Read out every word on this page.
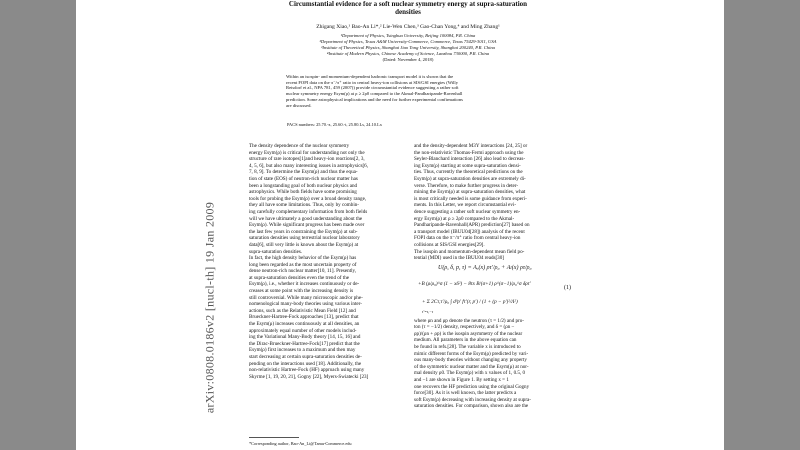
arXiv:0808.0186v2 [nucl-th] 19 Jan 2009
Circumstantial evidence for a soft nuclear symmetry energy at supra-saturation
densities
Zhigang Xiao,¹ Bao-An Li*,² Lie-Wen Chen,³ Gao-Chan Yong,⁴ and Ming Zhang¹
¹Department of Physics, Tsinghua University, Beijing 100084, P.R. China
²Department of Physics, Texas A&M University-Commerce, Commerce, Texas 75429-3011, USA
³Institute of Theoretical Physics, Shanghai Jiao Tong University, Shanghai 200240, P.R. China
⁴Institute of Modern Physics, Chinese Academy of Science, Lanzhou 730000, P.R. China
(Dated: November 4, 2018)
Within an isospin- and momentum-dependent hadronic transport model it is shown that the
recent FOPI data on the π⁻/π⁺ ratio in central heavy-ion collisions at SIS/GSI energies (Willy
Reisdorf et al., NPA 781, 459 (2007)) provide circumstantial evidence suggesting a rather soft
nuclear symmetry energy Esym(ρ) at ρ ≥ 2ρ0 compared to the Akmal-Pandharipande-Ravenhall
prediction. Some astrophysical implications and the need for further experimental confirmations
are discussed.
PACS numbers: 25.70.-z, 25.60.-t, 25.80.Ls, 24.10.Lx
The density dependence of the nuclear symmetry
energy Esym(ρ) is critical for understanding not only the
structure of rare isotopes[1]and heavy-ion reactions[2, 3,
4, 5, 6], but also many interesting issues in astrophysics[6,
7, 8, 9]. To determine the Esym(ρ) and thus the equa-
tion of state (EOS) of neutron-rich nuclear matter has
been a longstanding goal of both nuclear physics and
astrophysics. While both fields have some promising
tools for probing the Esym(ρ) over a broad density range,
they all have some limitations. Thus, only by combin-
ing carefully complementary information from both fields
will we have ultimately a good understanding about the
Esym(ρ). While significant progress has been made over
the last few years in constraining the Esym(ρ) at sub-
saturation densities using terrestrial nuclear laboratory
data[6], still very little is known about the Esym(ρ) at
supra-saturation densities.
In fact, the high density behavior of the Esym(ρ) has
long been regarded as the most uncertain property of
dense neutron-rich nuclear matter[10, 11]. Presently,
at supra-saturation densities even the trend of the
Esym(ρ), i.e., whether it increases continuously or de-
creases at some point with the increasing density is
still controversial. While many microscopic and/or phe-
nomenological many-body theories using various inter-
actions, such as the Relativistic Mean Field [12] and
Brueckner-Hartree-Fock approaches [13], predict that
the Esym(ρ) increases continuously at all densities, an
approximately equal number of other models includ-
ing the Variational Many-Body theory [14, 15, 16] and
the Dirac-Brueckner-Hartree-Fock[17] predict that the
Esym(ρ) first increases to a maximum and then may
start decreasing at certain supra-saturation densities de-
pending on the interactions used [18]. Additionally, the
non-relativistic Hartree-Fock (HF) approach using many
Skyrme [1, 19, 20, 21], Gogny [22], Myers-Swiatecki [23]
and the density-dependent M3Y interactions [24, 25] or
the non-relativistic Thomas-Fermi approach using the
Seyler-Blanchard interaction [26] also lead to decreas-
ing Esym(ρ) starting at some supra-saturation densi-
ties. Thus, currently the theoretical predictions on the
Esym(ρ) at supra-saturation densities are extremely di-
verse. Therefore, to make further progress in deter-
mining the Esym(ρ) at supra-saturation densities, what
is most critically needed is some guidance from experi-
ments. In this Letter, we report circumstantial evi-
dence suggesting a rather soft nuclear symmetry en-
ergy Esym(ρ) at ρ ≥ 2ρ0 compared to the Akmal-
Pandharipande-Ravenhall(APR) prediction[27] based on
a transport model (IBUU04[28]) analysis of the recent
FOPI data on the π⁻/π⁺ ratio from central heavy-ion
collisions at SIS/GSI energies[29].
The isospin and momentum-dependent mean field po-
tential (MDI) used in the IBUU04 reads[30]
U(ρ, δ, p, τ) = Aᵤ(x) ρτ′/ρ₀ + Aₗ(x) ρτ/ρ₀
+B (ρ/ρ₀)^σ (1 − xδ²) − 8τx B/(σ+1) ρ^(σ−1)/ρ₀^σ δρτ′
+ Σ 2Cτ,τ′/ρ₀ ∫ d³p′ fτ′(r, p′) / (1 + (p − p′)²/Λ²)
τ′=τ,−τ
(1)
where ρn and ρp denote the neutron (τ = 1/2) and pro-
ton (τ = −1/2) density, respectively, and δ = (ρn −
ρp)/(ρn + ρp) is the isospin asymmetry of the nuclear
medium. All parameters in the above equation can
be found in refs.[28]. The variable x is introduced to
mimic different forms of the Esym(ρ) predicted by vari-
ous many-body theories without changing any property
of the symmetric nuclear matter and the Esym(ρ) at nor-
mal density ρ0. The Esym(ρ) with x values of 1, 0.5, 0
and −1 are shown in Figure 1. By setting x = 1
one recovers the HF prediction using the original Gogny
force[30]. As it is well known, the latter predicts a
soft Esym(ρ) decreasing with increasing density at supra-
saturation densities. For comparison, shown also are the
*Corresponding author, Bao-An_Li@Tamu-Commerce.edu
